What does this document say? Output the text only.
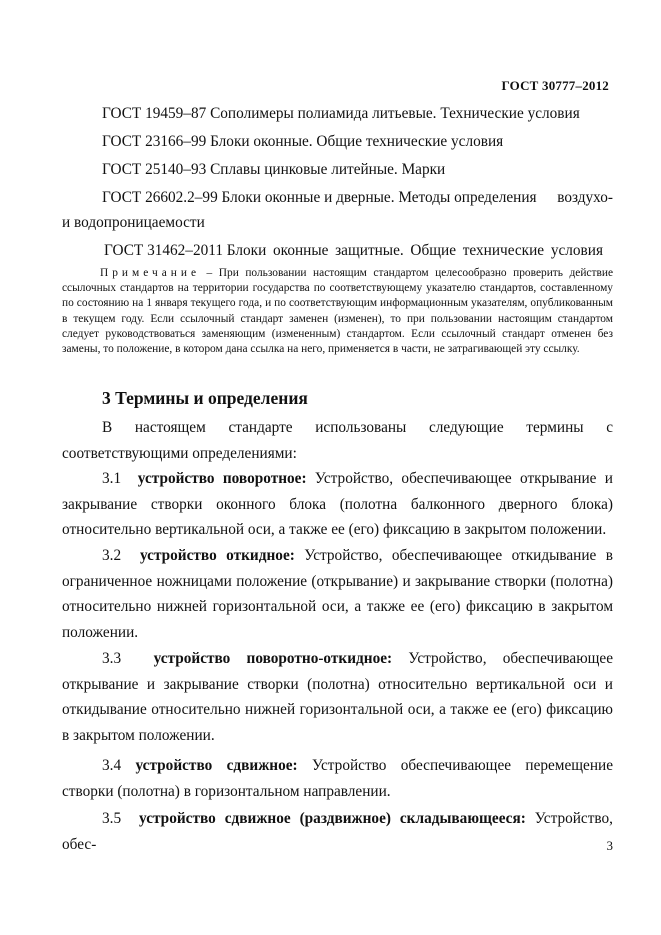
ГОСТ 30777–2012
ГОСТ 19459–87 Сополимеры полиамида литьевые. Технические условия
ГОСТ 23166–99 Блоки оконные. Общие технические условия
ГОСТ 25140–93 Сплавы цинковые литейные. Марки
ГОСТ 26602.2–99 Блоки оконные и дверные. Методы определения воздухо-
и водопроницаемости
ГОСТ 31462–2011 Блоки оконные защитные. Общие технические условия
Примечание – При пользовании настоящим стандартом целесообразно проверить действие ссылочных стандартов на территории государства по соответствующему указателю стандартов, составленному по состоянию на 1 января текущего года, и по соответствующим информационным указателям, опубликованным в текущем году. Если ссылочный стандарт заменен (изменен), то при пользовании настоящим стандартом следует руководствоваться заменяющим (измененным) стандартом. Если ссылочный стандарт отменен без замены, то положение, в котором дана ссылка на него, применяется в части, не затрагивающей эту ссылку.
3 Термины и определения
В настоящем стандарте использованы следующие термины с соответствующими определениями:
3.1 устройство поворотное: Устройство, обеспечивающее открывание и закрывание створки оконного блока (полотна балконного дверного блока) относительно вертикальной оси, а также ее (его) фиксацию в закрытом положении.
3.2 устройство откидное: Устройство, обеспечивающее откидывание в ограниченное ножницами положение (открывание) и закрывание створки (полотна) относительно нижней горизонтальной оси, а также ее (его) фиксацию в закрытом положении.
3.3 устройство поворотно-откидное: Устройство, обеспечивающее открывание и закрывание створки (полотна) относительно вертикальной оси и откидывание относительно нижней горизонтальной оси, а также ее (его) фиксацию в закрытом положении.
3.4 устройство сдвижное: Устройство обеспечивающее перемещение створки (полотна) в горизонтальном направлении.
3.5 устройство сдвижное (раздвижное) складывающееся: Устройство, обес-	3
